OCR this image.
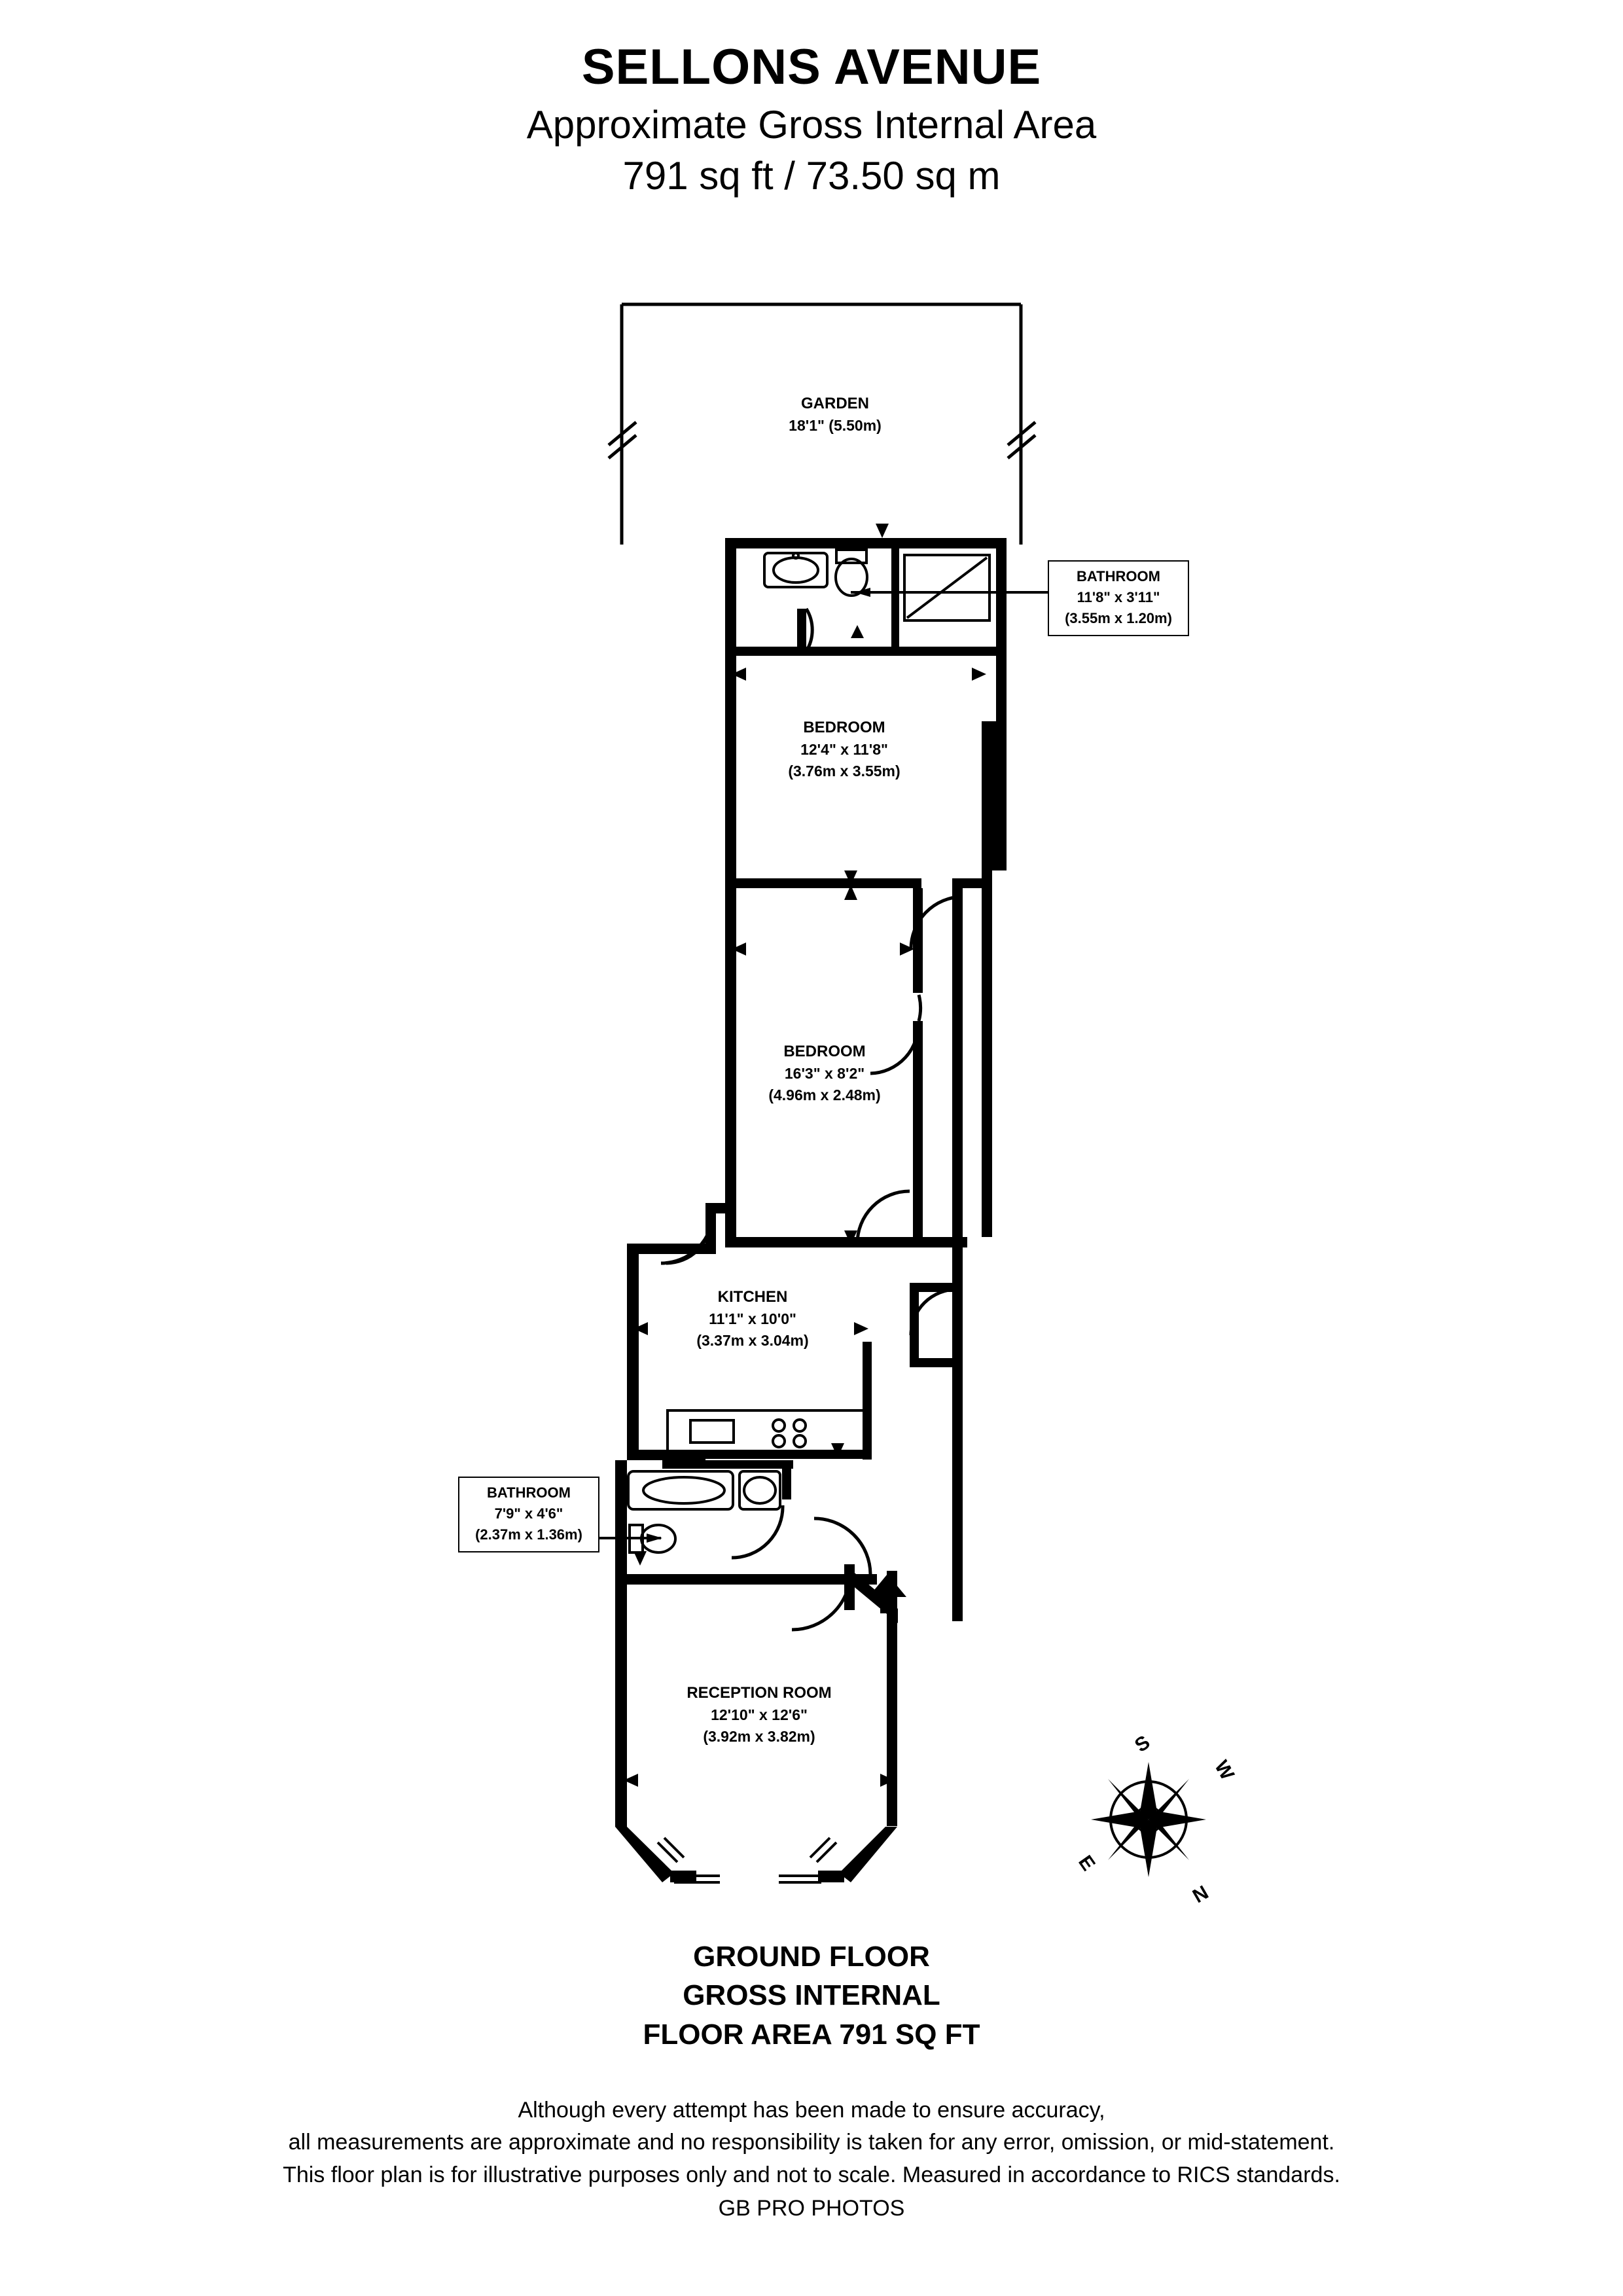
SELLONS AVENUE
Approximate Gross Internal Area
791 sq ft / 73.50 sq m
S
W
N
E
GARDEN
18'1" (5.50m)
BEDROOM
12'4" x 11'8"
(3.76m x 3.55m)
BEDROOM
16'3" x 8'2"
(4.96m x 2.48m)
KITCHEN
11'1" x 10'0"
(3.37m x 3.04m)
RECEPTION ROOM
12'10" x 12'6"
(3.92m x 3.82m)
BATHROOM
11'8" x 3'11"
(3.55m x 1.20m)
BATHROOM
7'9" x 4'6"
(2.37m x 1.36m)
GROUND FLOOR
GROSS INTERNAL
FLOOR AREA 791 SQ FT
Although every attempt has been made to ensure accuracy,
all measurements are approximate and no responsibility is taken for any error, omission, or mid-statement.
This floor plan is for illustrative purposes only and not to scale. Measured in accordance to RICS standards.
GB PRO PHOTOS
